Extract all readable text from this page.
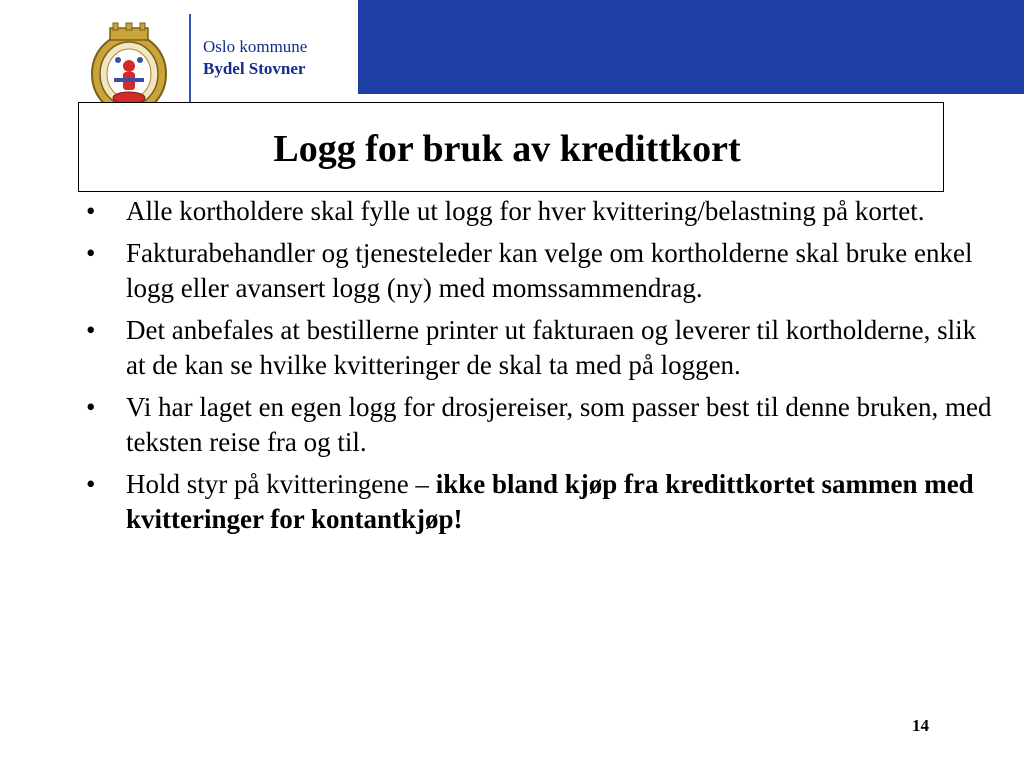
Oslo kommune
Bydel Stovner
Logg for bruk av kredittkort
•	Alle kortholdere skal fylle ut logg for hver kvittering/belastning på kortet.
•	Fakturabehandler og tjenesteleder kan velge om kortholderne skal bruke enkel logg eller avansert logg (ny) med momssammendrag.
•	Det anbefales at bestillerne printer ut fakturaen og leverer til kortholderne, slik at de kan se hvilke kvitteringer de skal ta med på loggen.
•	Vi har laget en egen logg for drosjereiser, som passer best til denne bruken, med teksten reise fra og til.
•	Hold styr på kvitteringene – ikke bland kjøp fra kredittkortet sammen med kvitteringer for kontantkjøp!
14
